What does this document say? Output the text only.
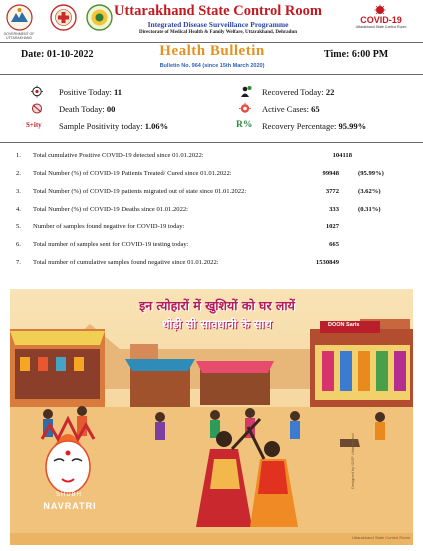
GOVERNMENT OF UTTARAKHAND
Uttarakhand State Control Room
Integrated Disease Surveillance Programme
Directorate of Medical Health & Family Welfare, Uttarakhand, Dehradun
COVID-19
Uttarakhand State Control Room
Date: 01-10-2022	Health Bulletin
Bulletin No. 964 (since 15th March 2020)
Time: 6:00 PM
Positive Today: 11	Recovered Today: 22
Death Today: 00	Active Cases: 65
S+ity Sample Positivity today: 1.06%	R% Recovery Percentage: 95.99%
1. Total cumulative Positive COVID-19 detected since 01.01.2022:	104118
2. Total Number (%) of COVID-19 Patients Treated/ Cured since 01.01.2022:	99948	(95.99%)
3. Total Number (%) of COVID-19 patients migrated out of state since 01.01.2022:	3772	(3.62%)
4. Total Number (%) of COVID-19 Deaths since 01.01.2022:	333	(0.31%)
5. Number of samples found negative for COVID-19 today:	1027
6. Total number of samples sent for COVID-19 testing today:	665
7. Total number of cumulative samples found negative since 01.01.2022:	1530849
इन त्योहारों में खुशियों को घर लायें
थोड़ी सी सावधानी के साथ	DOON Saris
SHUBH
NAVRATRI
Designed by IDSP Uttarakhand
Uttarakhand State Control Room
